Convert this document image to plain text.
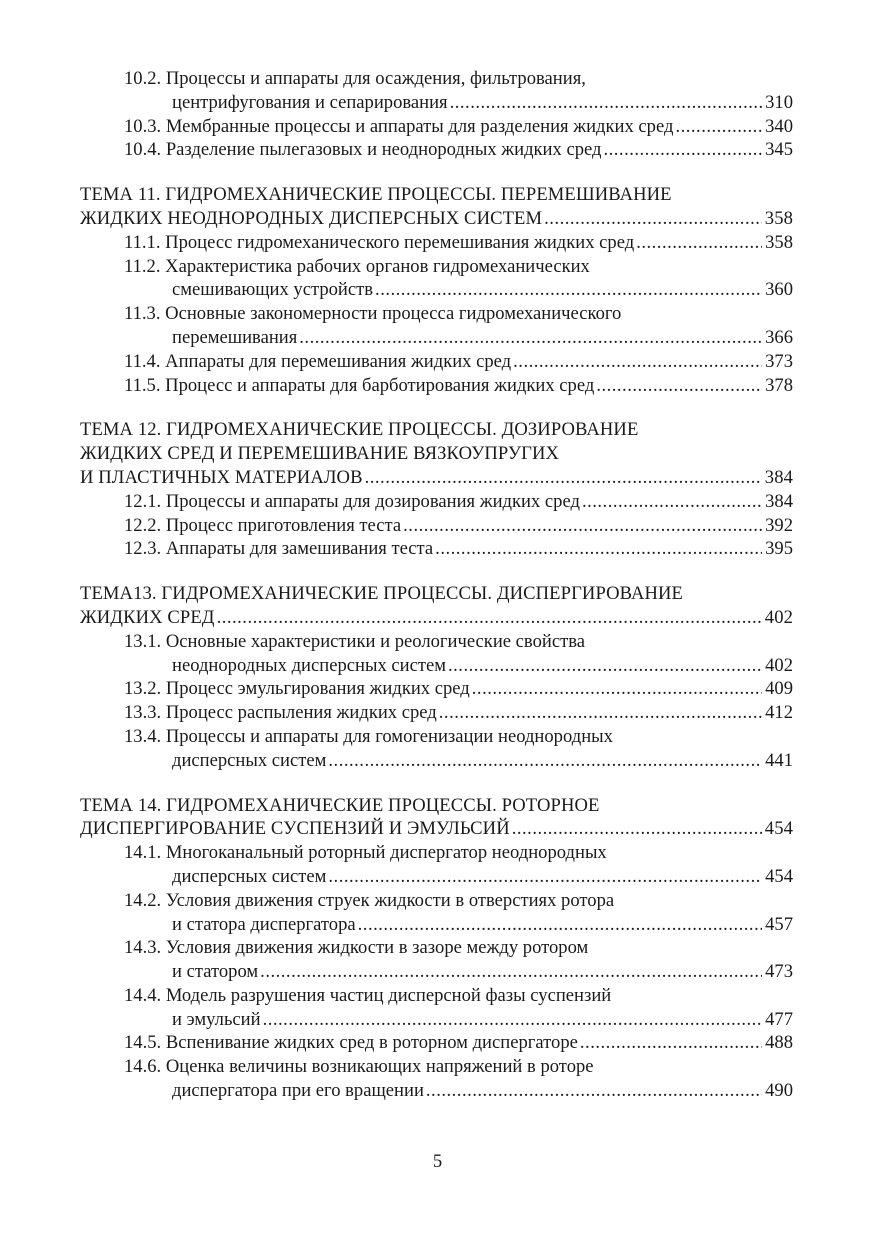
10.2. Процессы и аппараты для осаждения, фильтрования,
центрифугования и сепарирования .....	310
10.3. Мембранные процессы и аппараты для разделения жидких сред .....	340
10.4. Разделение пылегазовых и неоднородных жидких сред .....	345
ТЕМА 11. ГИДРОМЕХАНИЧЕСКИЕ ПРОЦЕССЫ. ПЕРЕМЕШИВАНИЕ
ЖИДКИХ НЕОДНОРОДНЫХ ДИСПЕРСНЫХ СИСТЕМ .....	358
11.1. Процесс гидромеханического перемешивания жидких сред .....	358
11.2. Характеристика рабочих органов гидромеханических
смешивающих устройств .....	360
11.3. Основные закономерности процесса гидромеханического
перемешивания .....	366
11.4. Аппараты для перемешивания жидких сред .....	373
11.5. Процесс и аппараты для барботирования жидких сред .....	378
ТЕМА 12. ГИДРОМЕХАНИЧЕСКИЕ ПРОЦЕССЫ. ДОЗИРОВАНИЕ
ЖИДКИХ СРЕД И ПЕРЕМЕШИВАНИЕ ВЯЗКОУПРУГИХ
И ПЛАСТИЧНЫХ МАТЕРИАЛОВ .....	384
12.1. Процессы и аппараты для дозирования жидких сред .....	384
12.2. Процесс приготовления теста .....	392
12.3. Аппараты для замешивания теста .....	395
ТЕМА13. ГИДРОМЕХАНИЧЕСКИЕ ПРОЦЕССЫ. ДИСПЕРГИРОВАНИЕ
ЖИДКИХ СРЕД .....	402
13.1. Основные характеристики и реологические свойства
неоднородных дисперсных систем .....	402
13.2. Процесс эмульгирования жидких сред .....	409
13.3. Процесс распыления жидких сред .....	412
13.4. Процессы и аппараты для гомогенизации неоднородных
дисперсных систем .....	441
ТЕМА 14. ГИДРОМЕХАНИЧЕСКИЕ ПРОЦЕССЫ. РОТОРНОЕ
ДИСПЕРГИРОВАНИЕ СУСПЕНЗИЙ И ЭМУЛЬСИЙ .....	454
14.1. Многоканальный роторный диспергатор неоднородных
дисперсных систем .....	454
14.2. Условия движения струек жидкости в отверстиях ротора
и статора диспергатора .....	457
14.3. Условия движения жидкости в зазоре между ротором
и статором .....	473
14.4. Модель разрушения частиц дисперсной фазы суспензий
и эмульсий .....	477
14.5. Вспенивание жидких сред в роторном диспергаторе .....	488
14.6. Оценка величины возникающих напряжений в роторе
диспергатора при его вращении .....	490
5
